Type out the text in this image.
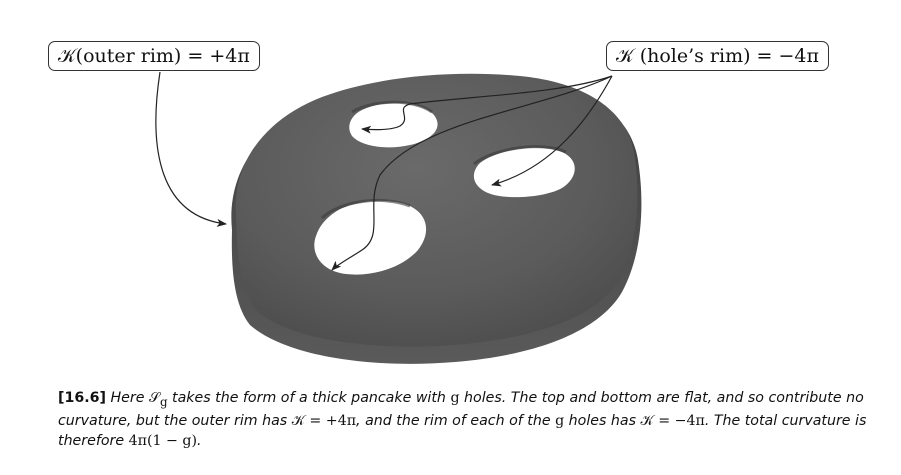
𝒦(outer rim) = +4π	𝒦 (hole’s rim) = −4π
[16.6] Here 𝒮$_g$ takes the form of a thick pancake with g holes. The top and bottom are flat, and so contribute no curvature, but the outer rim has 𝒦 = +4π, and the rim of each of the g holes has 𝒦 = −4π. The total curvature is therefore 4π(1 − g).
